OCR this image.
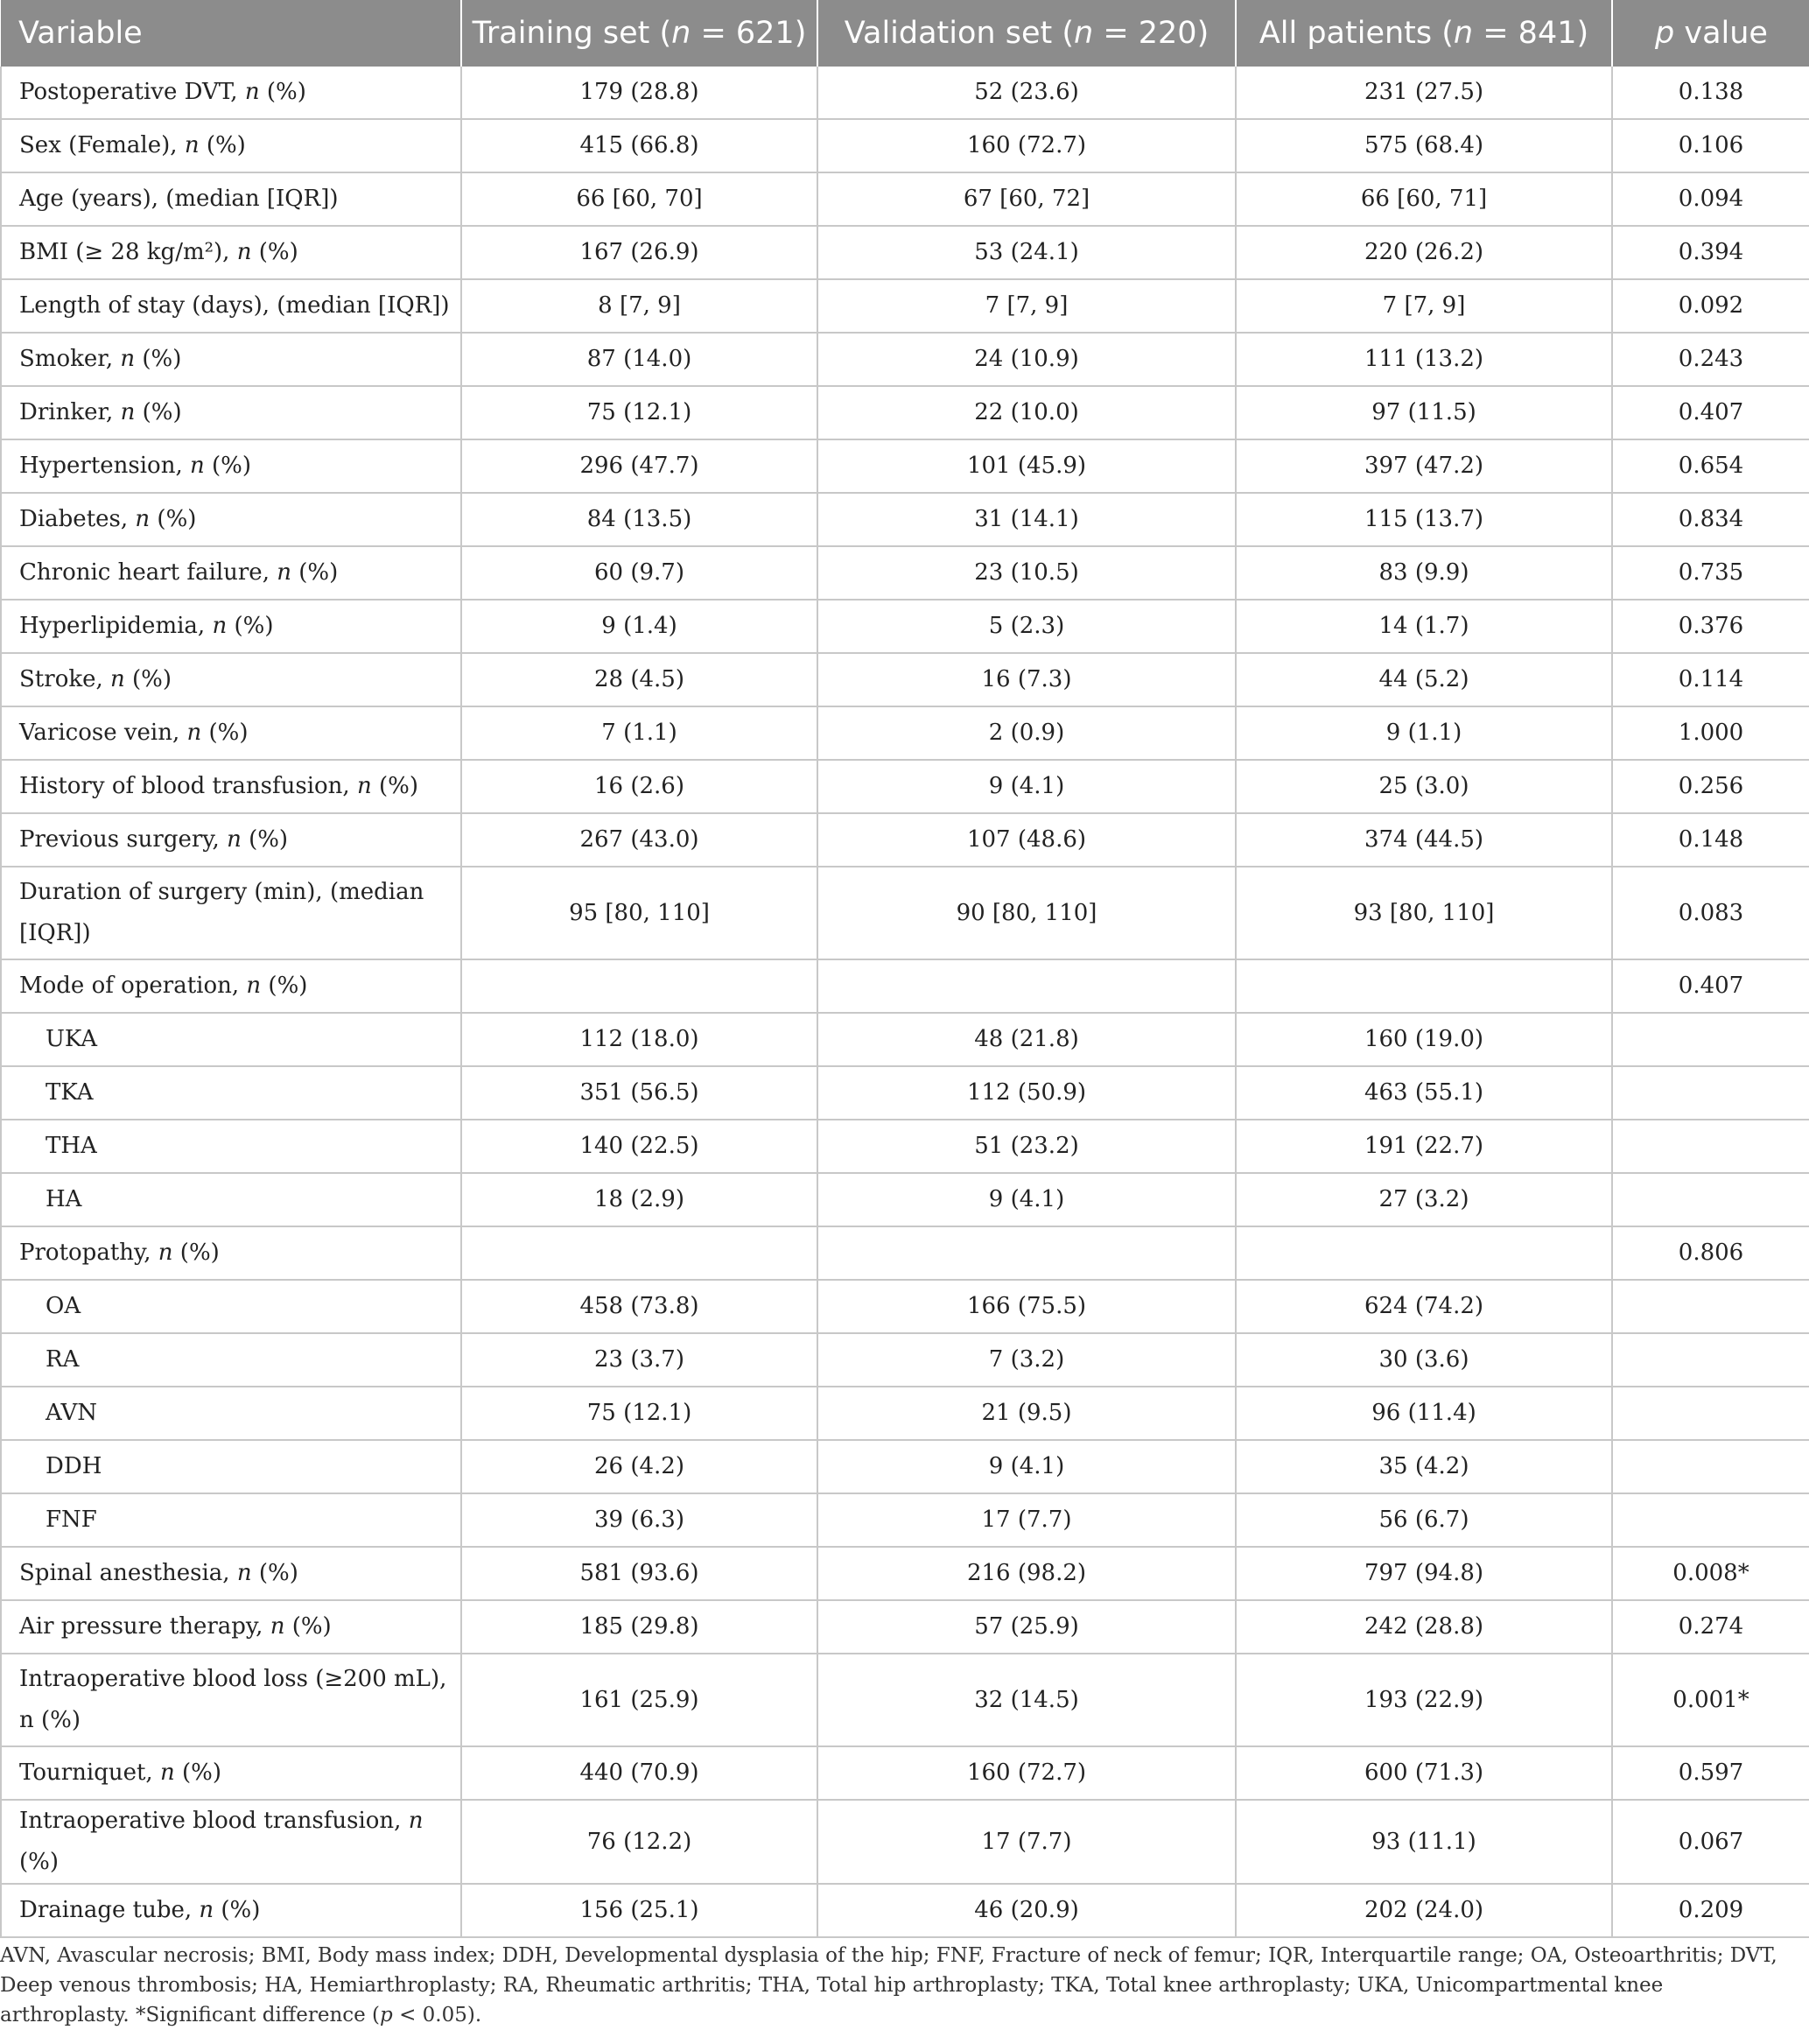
Variable	Training set (n = 621)	Validation set (n = 220)	All patients (n = 841)	p value
Postoperative DVT, n (%)	179 (28.8)	52 (23.6)	231 (27.5)	0.138
Sex (Female), n (%)	415 (66.8)	160 (72.7)	575 (68.4)	0.106
Age (years), (median [IQR])	66 [60, 70]	67 [60, 72]	66 [60, 71]	0.094
BMI (≥ 28 kg/m²), n (%)	167 (26.9)	53 (24.1)	220 (26.2)	0.394
Length of stay (days), (median [IQR])	8 [7, 9]	7 [7, 9]	7 [7, 9]	0.092
Smoker, n (%)	87 (14.0)	24 (10.9)	111 (13.2)	0.243
Drinker, n (%)	75 (12.1)	22 (10.0)	97 (11.5)	0.407
Hypertension, n (%)	296 (47.7)	101 (45.9)	397 (47.2)	0.654
Diabetes, n (%)	84 (13.5)	31 (14.1)	115 (13.7)	0.834
Chronic heart failure, n (%)	60 (9.7)	23 (10.5)	83 (9.9)	0.735
Hyperlipidemia, n (%)	9 (1.4)	5 (2.3)	14 (1.7)	0.376
Stroke, n (%)	28 (4.5)	16 (7.3)	44 (5.2)	0.114
Varicose vein, n (%)	7 (1.1)	2 (0.9)	9 (1.1)	1.000
History of blood transfusion, n (%)	16 (2.6)	9 (4.1)	25 (3.0)	0.256
Previous surgery, n (%)	267 (43.0)	107 (48.6)	374 (44.5)	0.148
Duration of surgery (min), (median [IQR])	95 [80, 110]	90 [80, 110]	93 [80, 110]	0.083
Mode of operation, n (%)				0.407
UKA	112 (18.0)	48 (21.8)	160 (19.0)	
TKA	351 (56.5)	112 (50.9)	463 (55.1)	
THA	140 (22.5)	51 (23.2)	191 (22.7)	
HA	18 (2.9)	9 (4.1)	27 (3.2)	
Protopathy, n (%)				0.806
OA	458 (73.8)	166 (75.5)	624 (74.2)	
RA	23 (3.7)	7 (3.2)	30 (3.6)	
AVN	75 (12.1)	21 (9.5)	96 (11.4)	
DDH	26 (4.2)	9 (4.1)	35 (4.2)	
FNF	39 (6.3)	17 (7.7)	56 (6.7)	
Spinal anesthesia, n (%)	581 (93.6)	216 (98.2)	797 (94.8)	0.008*
Air pressure therapy, n (%)	185 (29.8)	57 (25.9)	242 (28.8)	0.274
Intraoperative blood loss (≥200 mL), n (%)	161 (25.9)	32 (14.5)	193 (22.9)	0.001*
Tourniquet, n (%)	440 (70.9)	160 (72.7)	600 (71.3)	0.597
Intraoperative blood transfusion, n (%)	76 (12.2)	17 (7.7)	93 (11.1)	0.067
Drainage tube, n (%)	156 (25.1)	46 (20.9)	202 (24.0)	0.209
AVN, Avascular necrosis; BMI, Body mass index; DDH, Developmental dysplasia of the hip; FNF, Fracture of neck of femur; IQR, Interquartile range; OA, Osteoarthritis; DVT, Deep venous thrombosis; HA, Hemiarthroplasty; RA, Rheumatic arthritis; THA, Total hip arthroplasty; TKA, Total knee arthroplasty; UKA, Unicompartmental knee arthroplasty. *Significant difference (p < 0.05).
